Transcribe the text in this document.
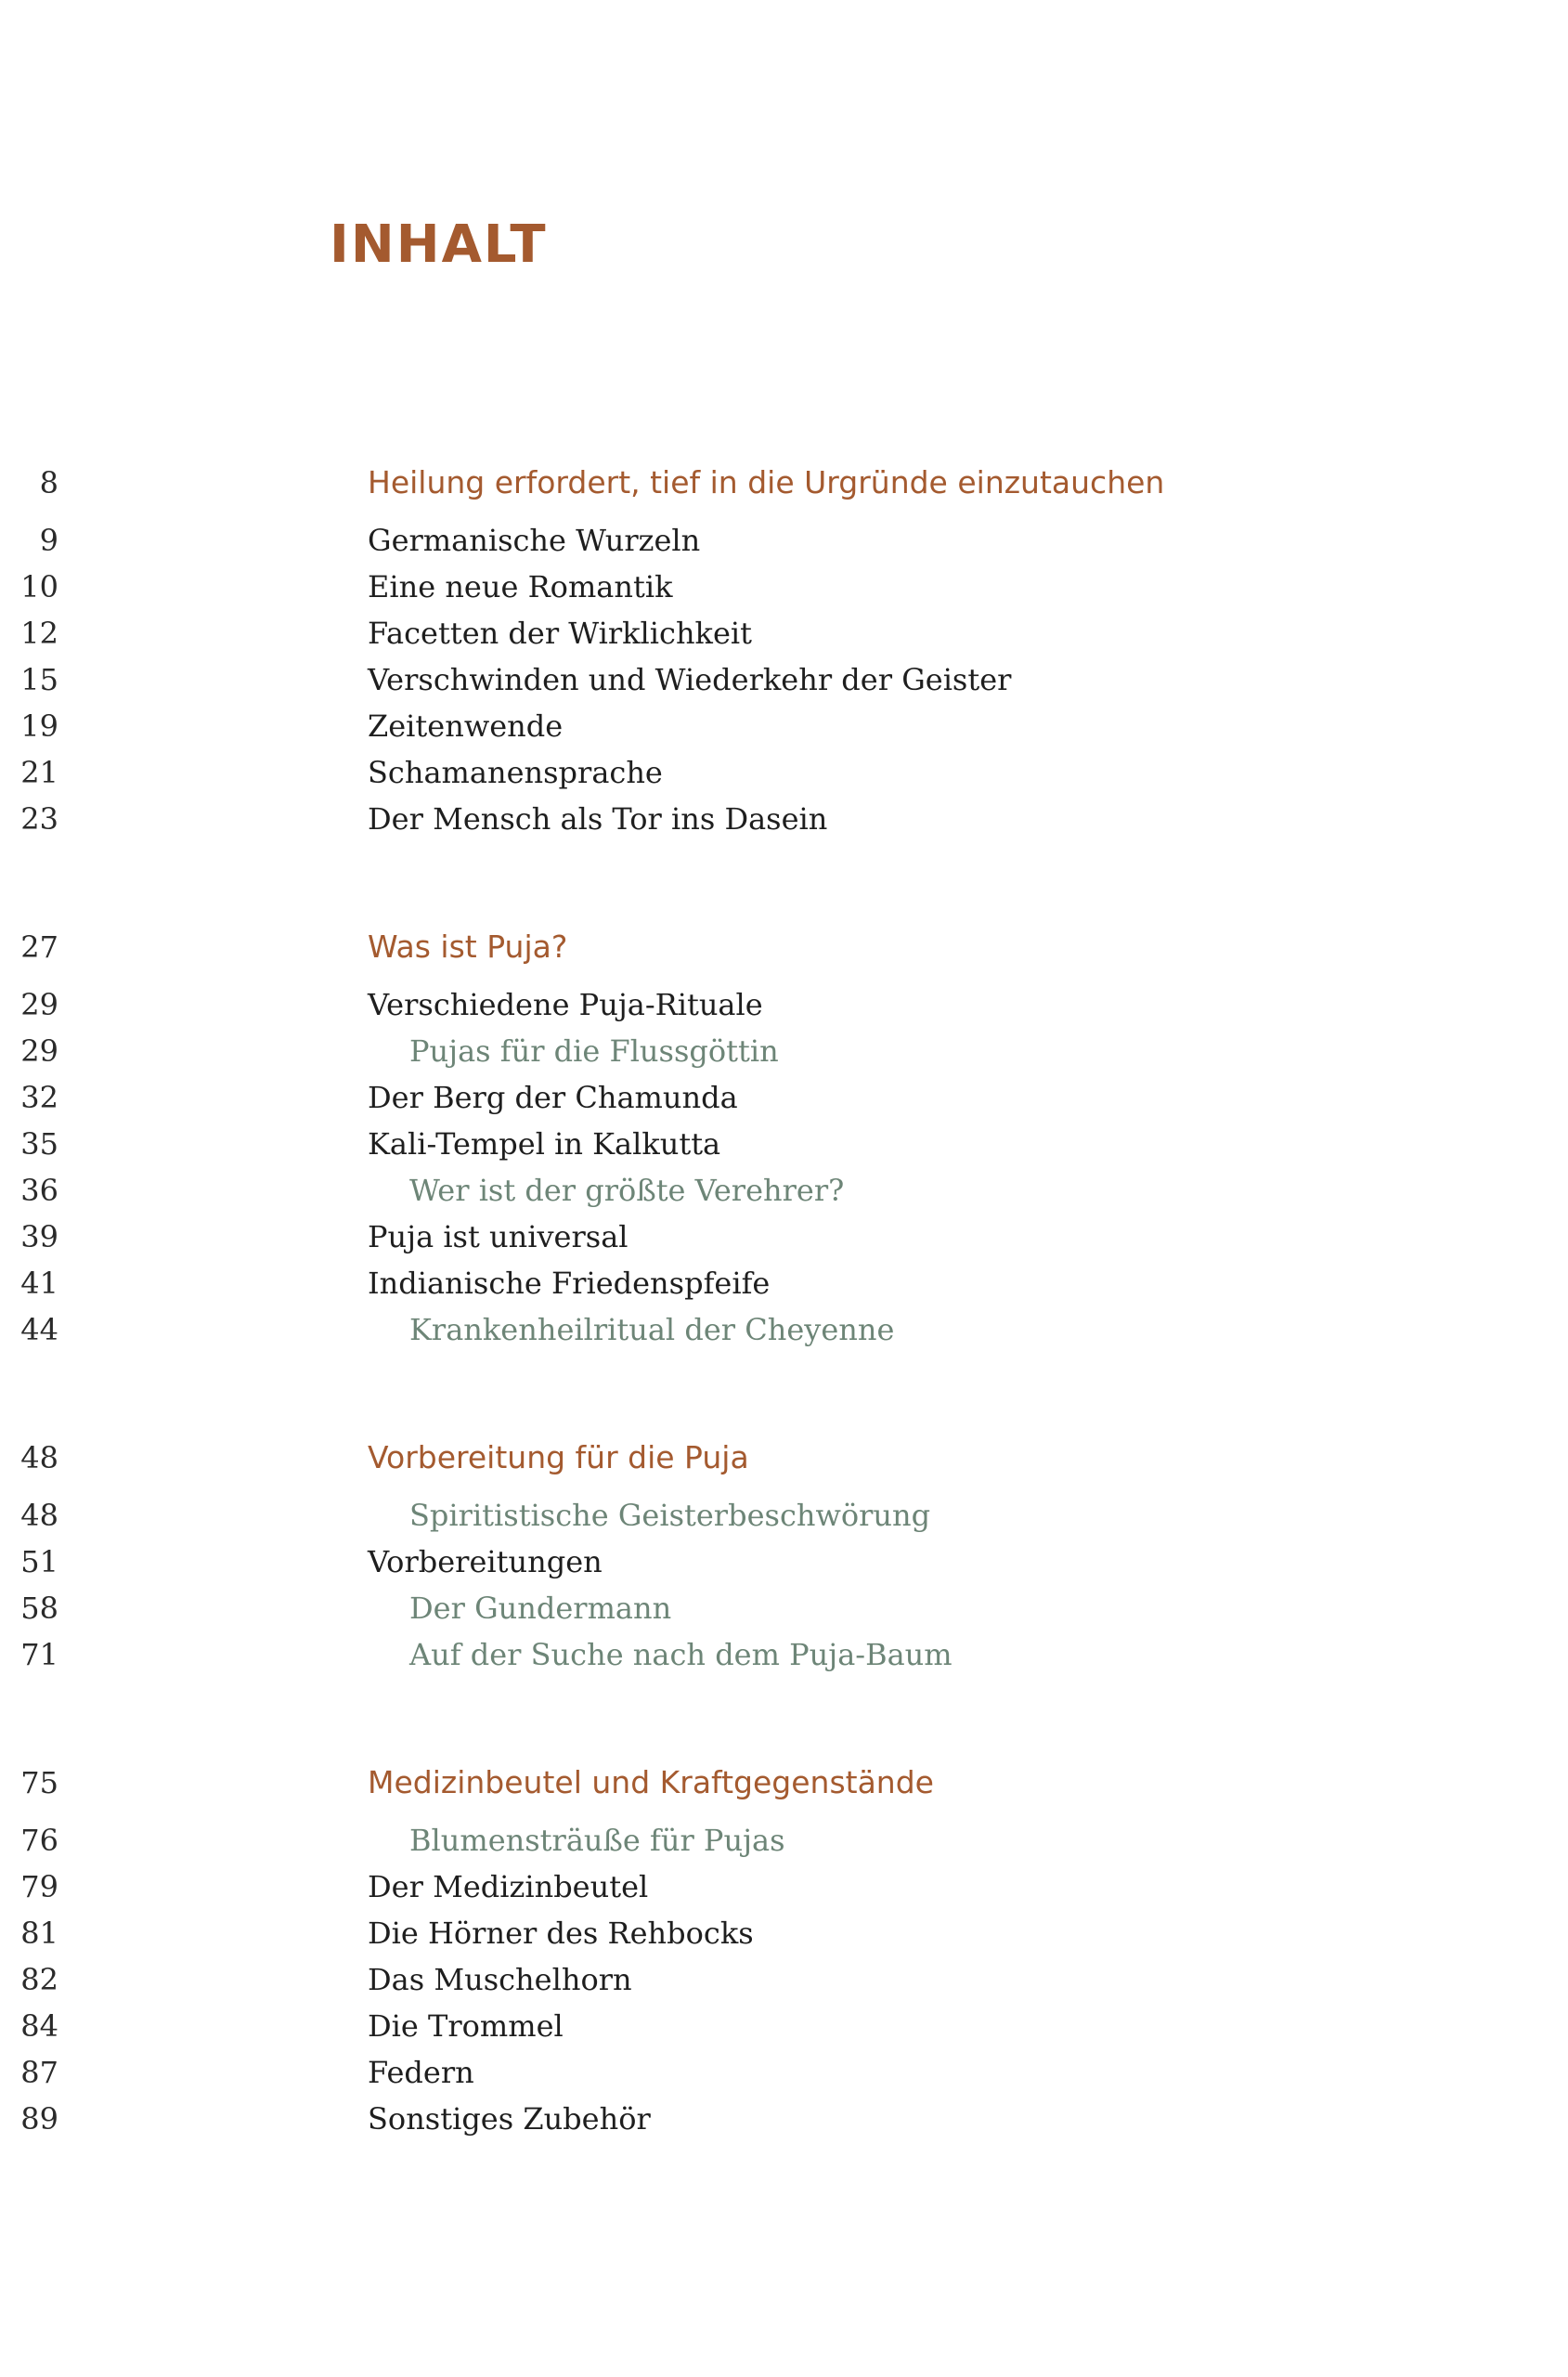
INHALT
8	Heilung erfordert, tief in die Urgründe einzutauchen
9	Germanische Wurzeln
10	Eine neue Romantik
12	Facetten der Wirklichkeit
15	Verschwinden und Wiederkehr der Geister
19	Zeitenwende
21	Schamanensprache
23	Der Mensch als Tor ins Dasein
27	Was ist Puja?
29	Verschiedene Puja-Rituale
29	Pujas für die Flussgöttin
32	Der Berg der Chamunda
35	Kali-Tempel in Kalkutta
36	Wer ist der größte Verehrer?
39	Puja ist universal
41	Indianische Friedenspfeife
44	Krankenheilritual der Cheyenne
48	Vorbereitung für die Puja
48	Spiritistische Geisterbeschwörung
51	Vorbereitungen
58	Der Gundermann
71	Auf der Suche nach dem Puja-Baum
75	Medizinbeutel und Kraftgegenstände
76	Blumensträuße für Pujas
79	Der Medizinbeutel
81	Die Hörner des Rehbocks
82	Das Muschelhorn
84	Die Trommel
87	Federn
89	Sonstiges Zubehör
